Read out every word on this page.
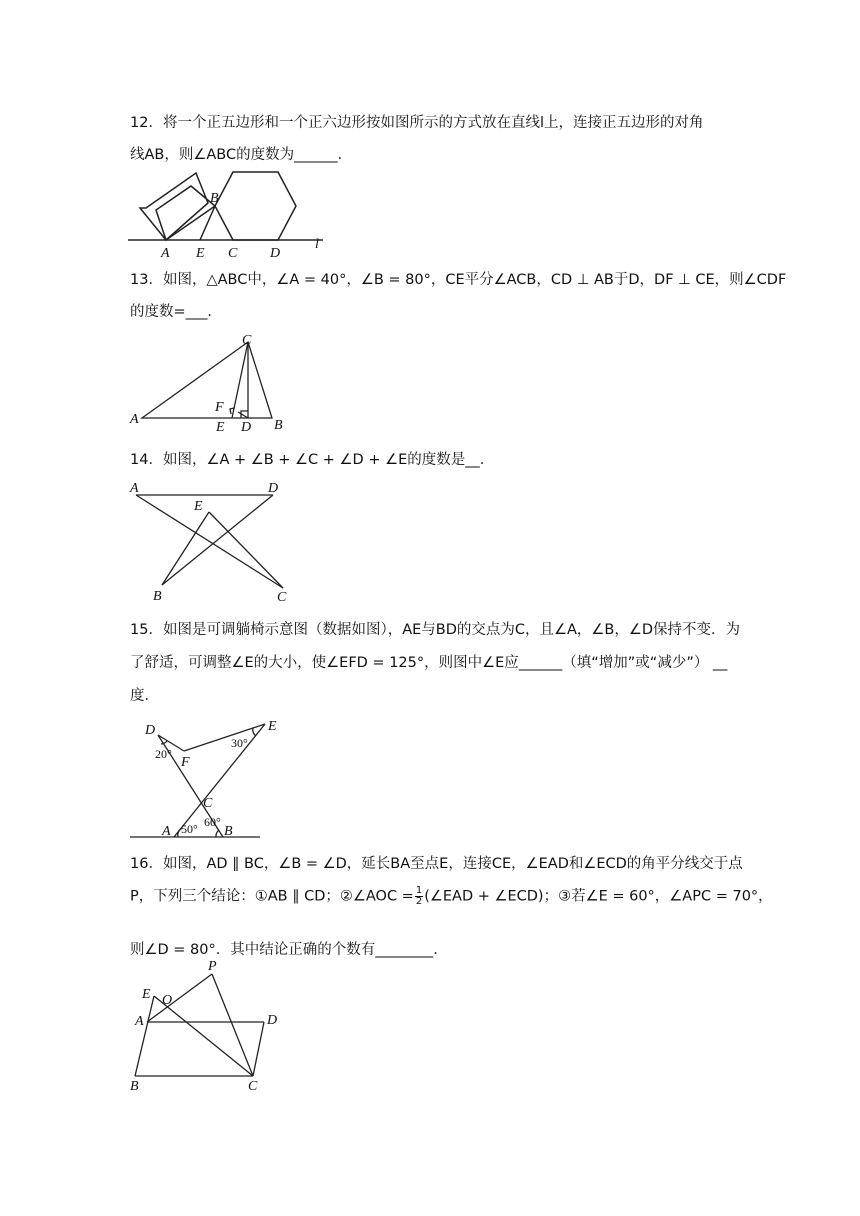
12．将一个正五边形和一个正六边形按如图所示的方式放在直线l上，连接正五边形的对角
线AB，则∠ABC的度数为______．
A
B
C D
E
l
13．如图，△ABC中，∠A = 40°，∠B = 80°，CE平分∠ACB，CD ⊥ AB于D，DF ⊥ CE，则∠CDF
的度数=___．
A	B
C
D
E
F
14．如图，∠A + ∠B + ∠C + ∠D + ∠E的度数是__．
A
B	C
D
E
15．如图是可调躺椅示意图（数据如图），AE与BD的交点为C，且∠A，∠B，∠D保持不变．为
了舒适，可调整∠E的大小，使∠EFD = 125°，则图中∠E应______（填“增加”或“减少”） __
度．
A	B
C
D	E
F
20°
30°
50° 60°
16．如图，AD ∥ BC，∠B = ∠D，延长BA至点E，连接CE，∠EAD和∠ECD的角平分线交于点
P，下列三个结论：①AB ∥ CD；②∠AOC = $\frac{1}{2}$ (∠EAD + ∠ECD)；③若∠E = 60°，∠APC = 70°，
则∠D = 80°．其中结论正确的个数有________．
A
B	C
D
E O
P
